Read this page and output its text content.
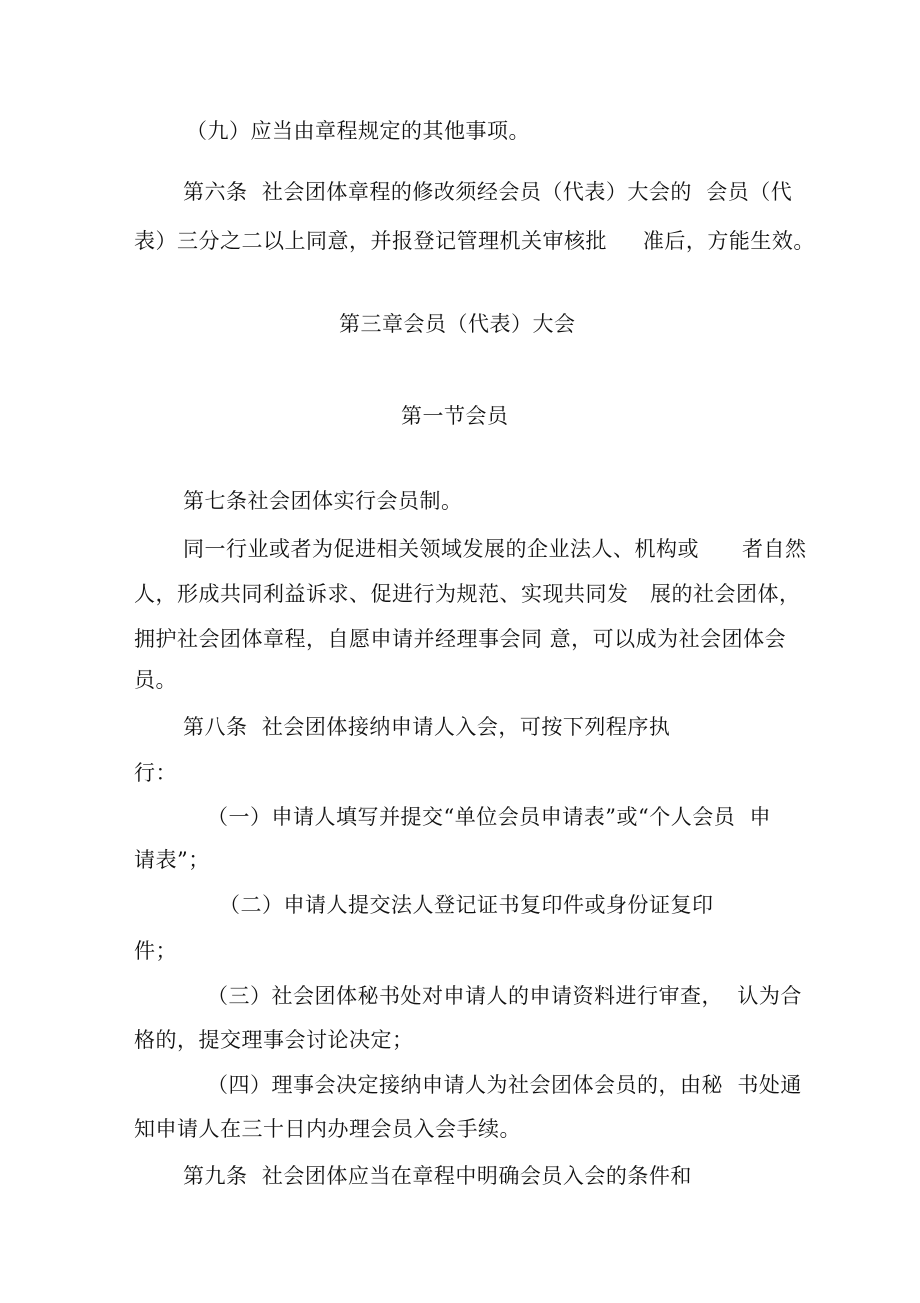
（九）应当由章程规定的其他事项。

第六条  社会团体章程的修改须经会员（代表）大会的  会员（代

表）三分之二以上同意，并报登记管理机关审核批     准后，方能生效。

第三章会员（代表）大会

第一节会员

第七条社会团体实行会员制。

同一行业或者为促进相关领域发展的企业法人、机构或      者自然

人，形成共同利益诉求、促进行为规范、实现共同发   展的社会团体，

拥护社会团体章程，自愿申请并经理事会同 意，可以成为社会团体会

员。

第八条  社会团体接纳申请人入会，可按下列程序执

行：

（一）申请人填写并提交“单位会员申请表”或“个人会员  申

请表”；

（二）申请人提交法人登记证书复印件或身份证复印

件；

（三）社会团体秘书处对申请人的申请资料进行审查，  认为合

格的，提交理事会讨论决定；

（四）理事会决定接纳申请人为社会团体会员的，由秘  书处通

知申请人在三十日内办理会员入会手续。

第九条  社会团体应当在章程中明确会员入会的条件和
